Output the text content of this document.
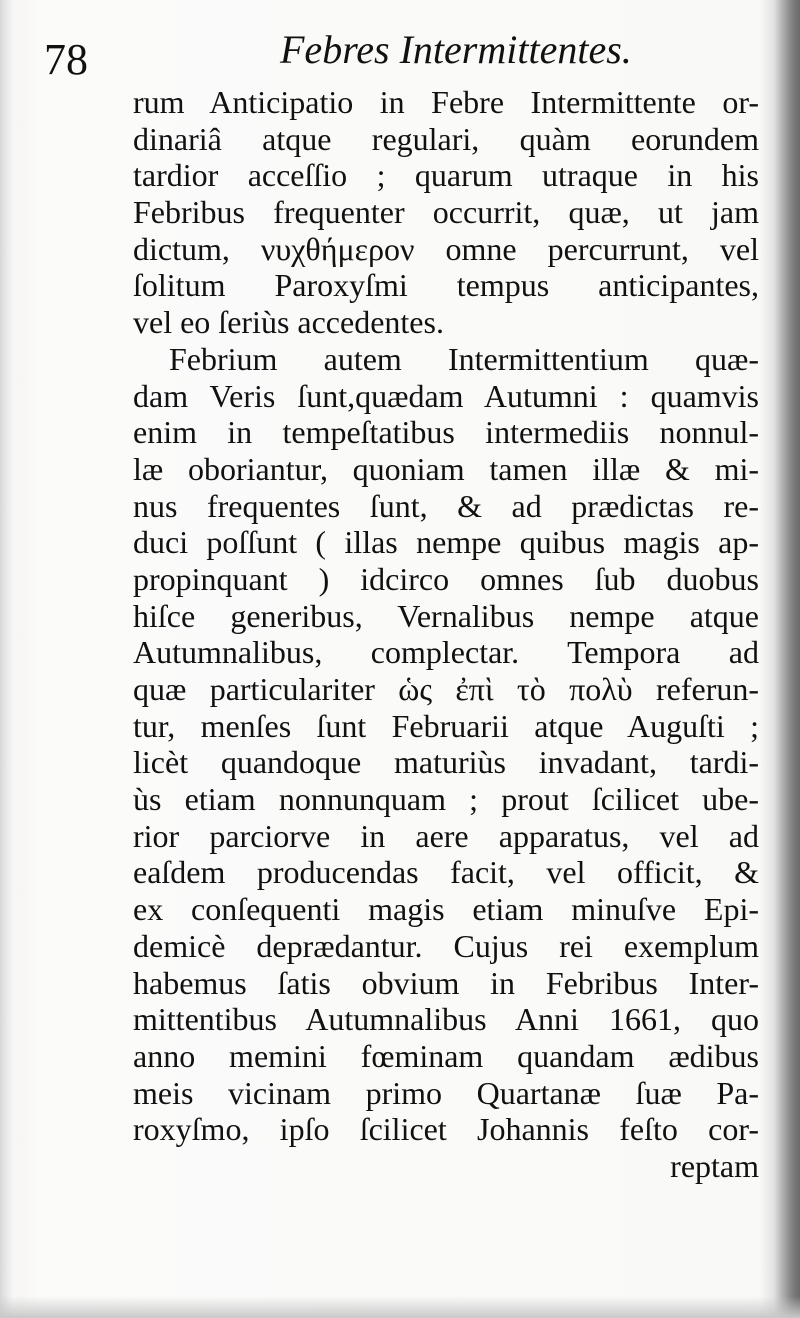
78	Febres Intermittentes.
rum Anticipatio in Febre Intermittente or-
dinariâ atque regulari, quàm eorundem
tardior acceſſio ; quarum utraque in his
Febribus frequenter occurrit, quæ, ut jam
dictum, νυχθήμερον omne percurrunt, vel
ſolitum Paroxyſmi tempus anticipantes,
vel eo ſeriùs accedentes.
Febrium autem Intermittentium quæ-
dam Veris ſunt,quædam Autumni : quamvis
enim in tempeſtatibus intermediis nonnul-
læ oboriantur, quoniam tamen illæ & mi-
nus frequentes ſunt, & ad prædictas re-
duci poſſunt ( illas nempe quibus magis ap-
propinquant ) idcirco omnes ſub duobus
hiſce generibus, Vernalibus nempe atque
Autumnalibus, complectar. Tempora ad
quæ particulariter ὡς ἐπὶ τὸ πολὺ referun-
tur, menſes ſunt Februarii atque Auguſti ;
licèt quandoque maturiùs invadant, tardi-
ùs etiam nonnunquam ; prout ſcilicet ube-
rior parciorve in aere apparatus, vel ad
eaſdem producendas facit, vel officit, &
ex conſequenti magis etiam minuſve Epi-
demicè deprædantur. Cujus rei exemplum
habemus ſatis obvium in Febribus Inter-
mittentibus Autumnalibus Anni 1661, quo
anno memini fœminam quandam ædibus
meis vicinam primo Quartanæ ſuæ Pa-
roxyſmo, ipſo ſcilicet Johannis feſto cor-
reptam
